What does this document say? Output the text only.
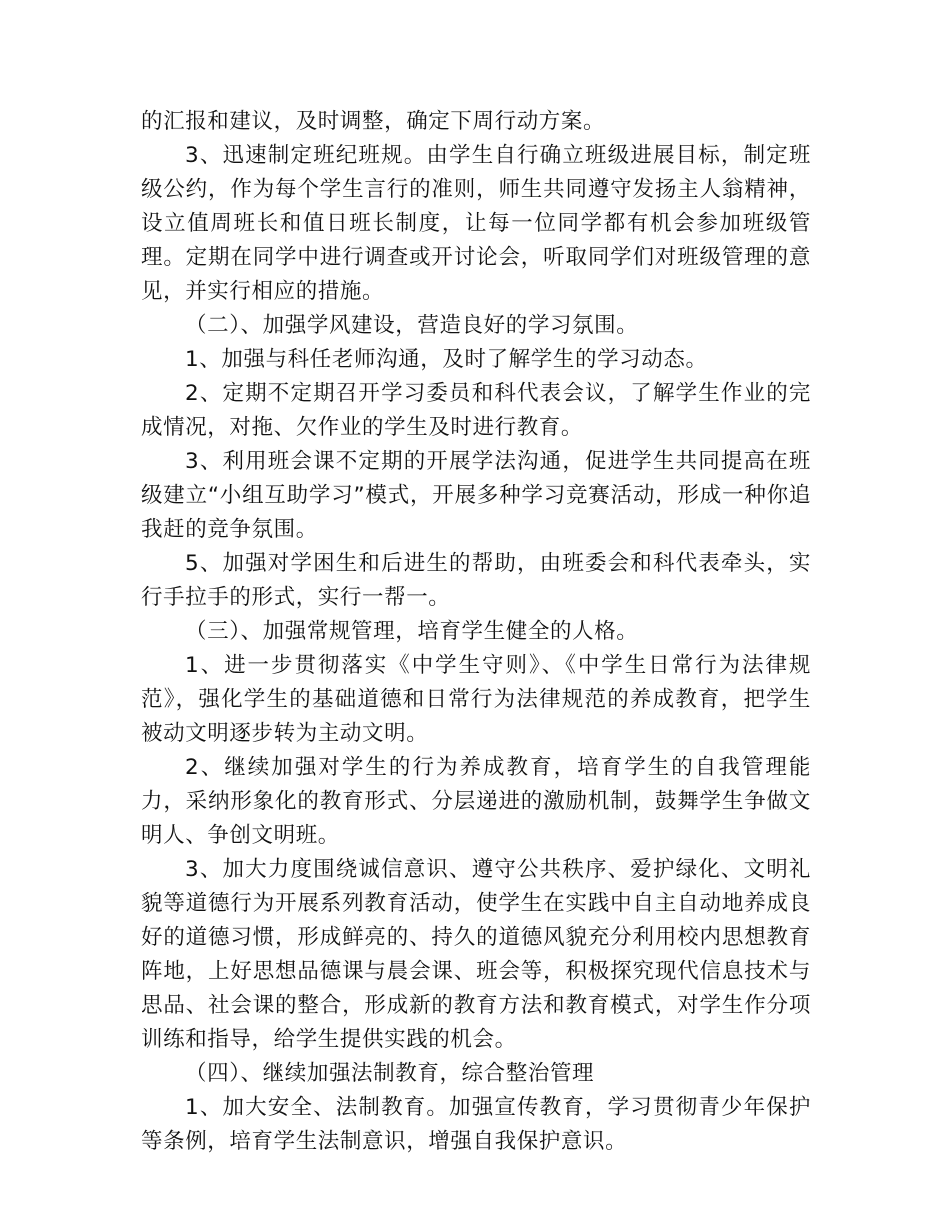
的汇报和建议，及时调整，确定下周行动方案。

3、迅速制定班纪班规。由学生自行确立班级进展目标，制定班级公约，作为每个学生言行的准则，师生共同遵守发扬主人翁精神，设立值周班长和值日班长制度，让每一位同学都有机会参加班级管理。定期在同学中进行调查或开讨论会，听取同学们对班级管理的意见，并实行相应的措施。

（二）、加强学风建设，营造良好的学习氛围。

1、加强与科任老师沟通，及时了解学生的学习动态。

2、定期不定期召开学习委员和科代表会议，了解学生作业的完成情况，对拖、欠作业的学生及时进行教育。

3、利用班会课不定期的开展学法沟通，促进学生共同提高在班级建立“小组互助学习”模式，开展多种学习竞赛活动，形成一种你追我赶的竞争氛围。

5、加强对学困生和后进生的帮助，由班委会和科代表牵头，实行手拉手的形式，实行一帮一。

（三）、加强常规管理，培育学生健全的人格。

1、进一步贯彻落实《中学生守则》、《中学生日常行为法律规范》，强化学生的基础道德和日常行为法律规范的养成教育，把学生被动文明逐步转为主动文明。

2、继续加强对学生的行为养成教育，培育学生的自我管理能力，采纳形象化的教育形式、分层递进的激励机制，鼓舞学生争做文明人、争创文明班。

3、加大力度围绕诚信意识、遵守公共秩序、爱护绿化、文明礼貌等道德行为开展系列教育活动，使学生在实践中自主自动地养成良好的道德习惯，形成鲜亮的、持久的道德风貌充分利用校内思想教育阵地，上好思想品德课与晨会课、班会等，积极探究现代信息技术与思品、社会课的整合，形成新的教育方法和教育模式，对学生作分项训练和指导，给学生提供实践的机会。

（四）、继续加强法制教育，综合整治管理

1、加大安全、法制教育。加强宣传教育，学习贯彻青少年保护等条例，培育学生法制意识，增强自我保护意识。
